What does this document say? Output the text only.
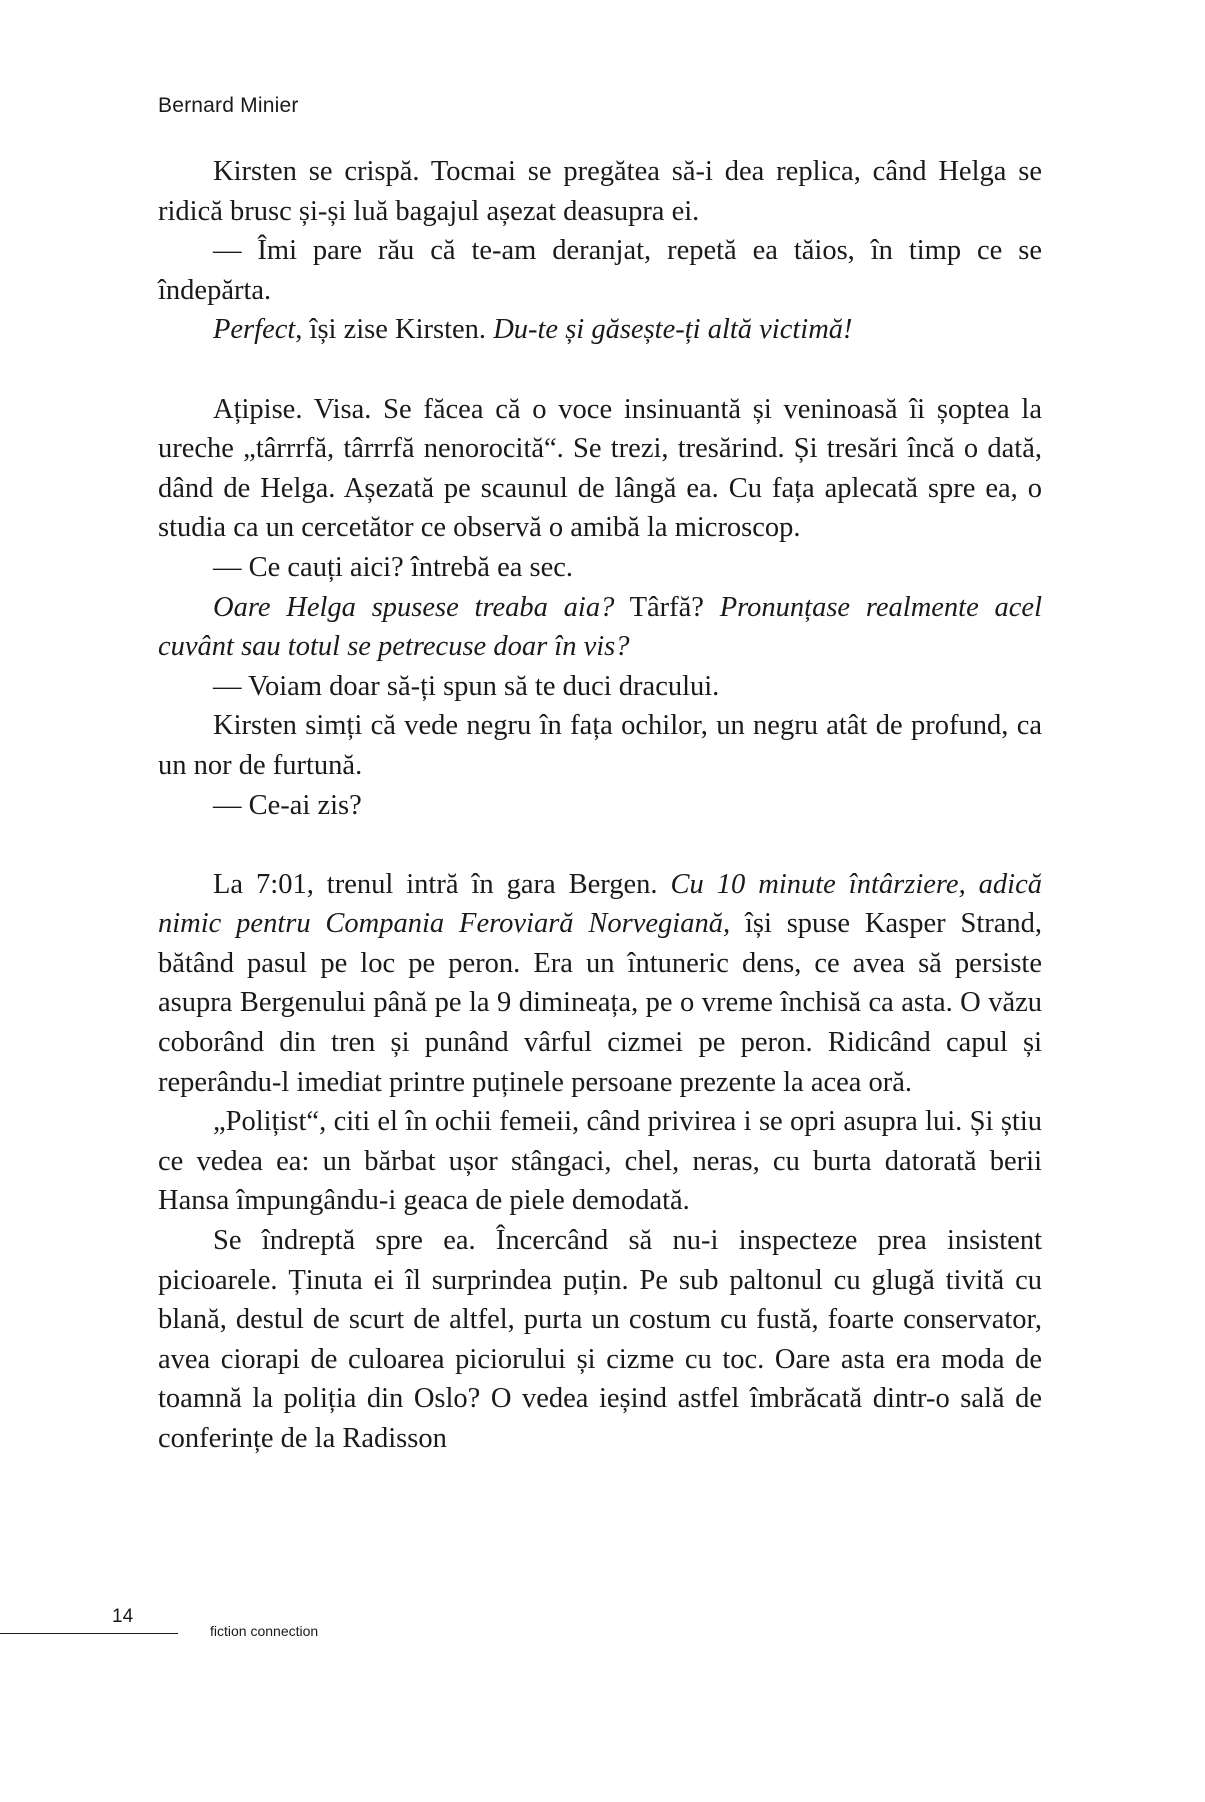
Bernard Minier

Kirsten se crispă. Tocmai se pregătea să-i dea replica, când Helga se ridică brusc și-și luă bagajul așezat deasupra ei.

— Îmi pare rău că te-am deranjat, repetă ea tăios, în timp ce se îndepărta.

Perfect, își zise Kirsten. Du-te și găsește-ți altă victimă!

Ațipise. Visa. Se făcea că o voce insinuantă și veninoasă îi șoptea la ureche „târrrfă, târrrfă nenorocită“. Se trezi, tresărind. Și tresări încă o dată, dând de Helga. Așezată pe scaunul de lângă ea. Cu fața aplecată spre ea, o studia ca un cercetător ce observă o amibă la microscop.

— Ce cauți aici? întrebă ea sec.

Oare Helga spusese treaba aia? Târfă? Pronunțase realmente acel cuvânt sau totul se petrecuse doar în vis?

— Voiam doar să-ți spun să te duci dracului.

Kirsten simți că vede negru în fața ochilor, un negru atât de profund, ca un nor de furtună.

— Ce-ai zis?

La 7:01, trenul intră în gara Bergen. Cu 10 minute întârziere, adică nimic pentru Compania Feroviară Norvegiană, își spuse Kasper Strand, bătând pasul pe loc pe peron. Era un întuneric dens, ce avea să persiste asupra Bergenului până pe la 9 dimineața, pe o vreme închisă ca asta. O văzu coborând din tren și punând vârful cizmei pe peron. Ridicând capul și reperându-l imediat printre puținele persoane prezente la acea oră.

„Polițist“, citi el în ochii femeii, când privirea i se opri asupra lui. Și știu ce vedea ea: un bărbat ușor stângaci, chel, neras, cu burta datorată berii Hansa împungându-i geaca de piele demodată.

Se îndreptă spre ea. Încercând să nu-i inspecteze prea insistent picioarele. Ținuta ei îl surprindea puțin. Pe sub paltonul cu glugă tivită cu blană, destul de scurt de altfel, purta un costum cu fustă, foarte conservator, avea ciorapi de culoarea piciorului și cizme cu toc. Oare asta era moda de toamnă la poliția din Oslo? O vedea ieșind astfel îmbrăcată dintr-o sală de conferințe de la Radisson

14
fiction connection
